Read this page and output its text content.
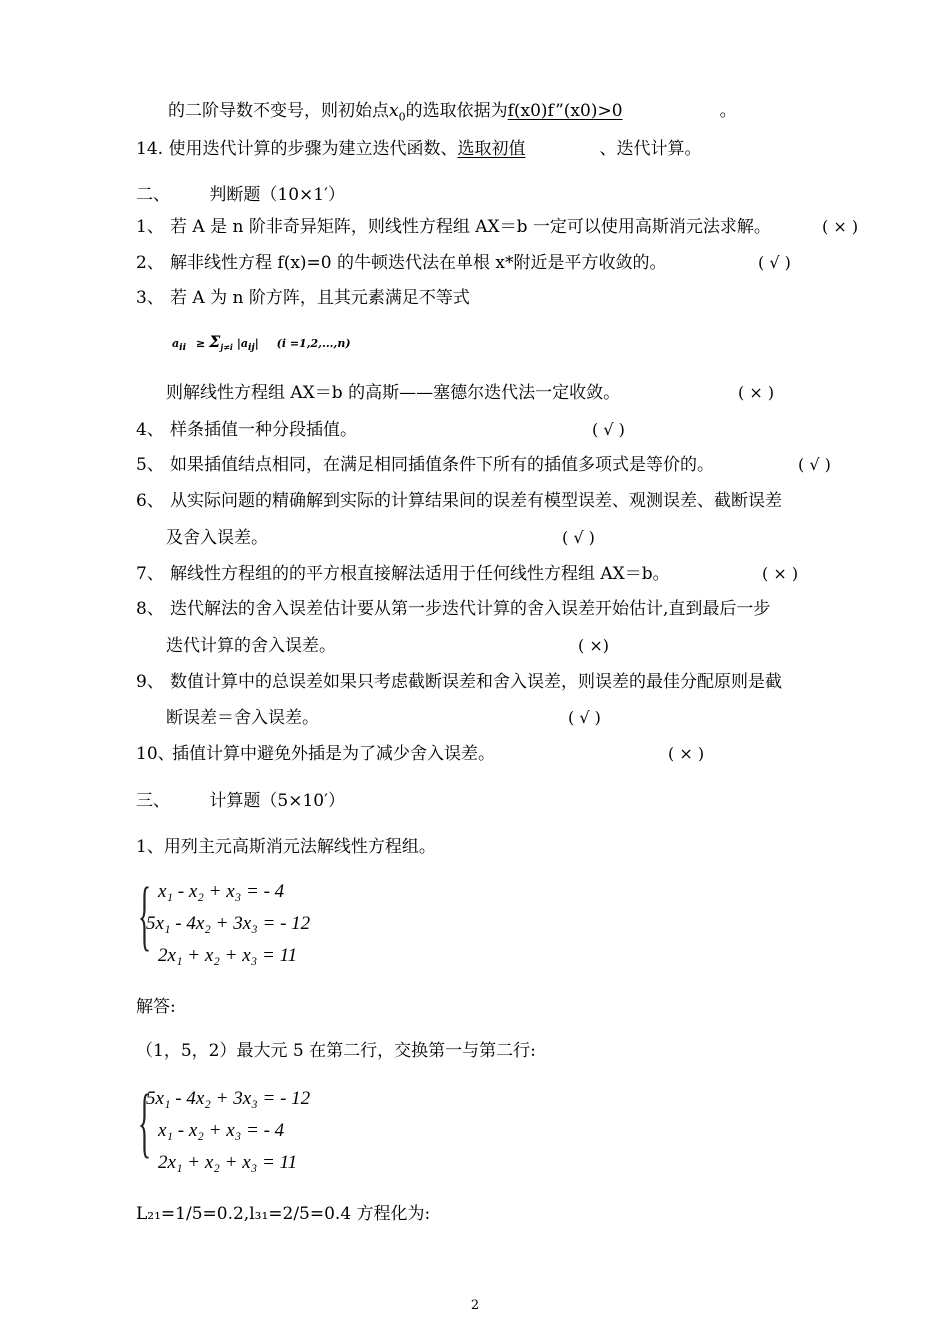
的二阶导数不变号，则初始点$x_0$的选取依据为f(x0)f”(x0)>0	。
14. 使用迭代计算的步骤为建立迭代函数、选取初值	、迭代计算。
二、 判断题（10×1′）
1、 若 A 是 n 阶非奇异矩阵，则线性方程组 AX＝b 一定可以使用高斯消元法求解。	( × )
2、 解非线性方程 f(x)=0 的牛顿迭代法在单根 x*附近是平方收敛的。	( √ )
3、 若 A 为 n 阶方阵，且其元素满足不等式
$a_{ii} \ge \Sigma_{j\ne i}$ $|a_{ij}|$ (i =1,2,...,n)
则解线性方程组 AX＝b 的高斯——塞德尔迭代法一定收敛。	( × )
4、 样条插值一种分段插值。	( √ )
5、 如果插值结点相同，在满足相同插值条件下所有的插值多项式是等价的。	( √ )
6、 从实际问题的精确解到实际的计算结果间的误差有模型误差、观测误差、截断误差
及舍入误差。	( √ )
7、 解线性方程组的的平方根直接解法适用于任何线性方程组 AX＝b。	( × )
8、 迭代解法的舍入误差估计要从第一步迭代计算的舍入误差开始估计,直到最后一步
迭代计算的舍入误差。	( ×)
9、 数值计算中的总误差如果只考虑截断误差和舍入误差，则误差的最佳分配原则是截
断误差＝舍入误差。	( √ )
10、
插值计算中避免外插是为了减少舍入误差。	( × )
三、 计算题（5×10′）
1、用列主元高斯消元法解线性方程组。
{ x₁ - x₂ + x₃ = - 4
5x₁ - 4x₂ + 3x₃ = - 12
2x₁ + x₂ + x₃ = 11
解答:
（1，5，2）最大元 5 在第二行，交换第一与第二行:
{
5x₁ - 4x₂ + 3x₃ = - 12
x₁ - x₂ + x₃ = - 4
2x₁ + x₂ + x₃ = 11
L₂₁=1/5=0.2,l₃₁=2/5=0.4 方程化为:
2
